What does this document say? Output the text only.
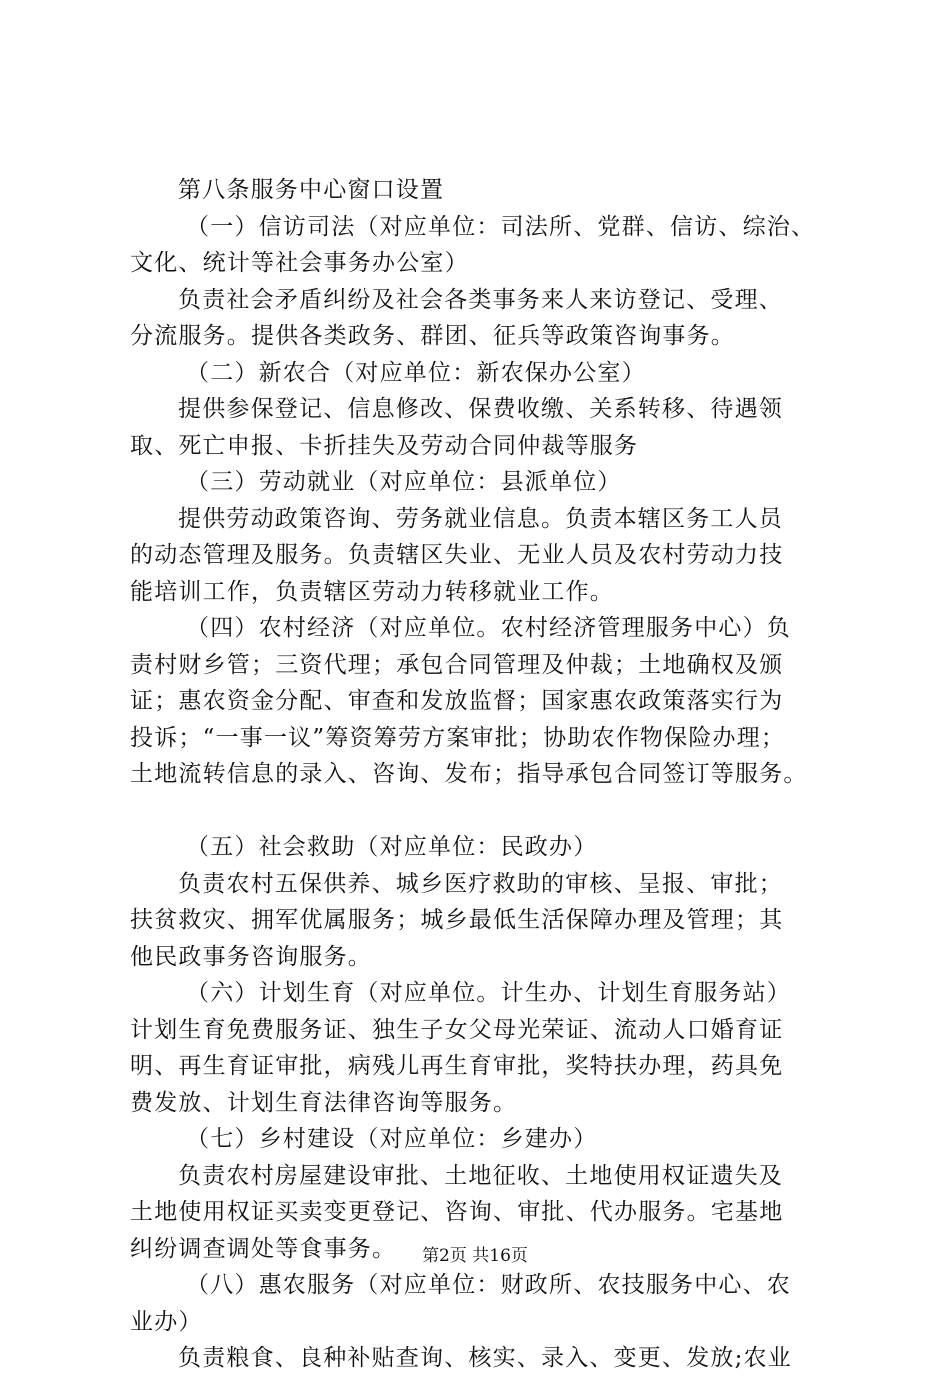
第八条服务中心窗口设置
（一）信访司法（对应单位：司法所、党群、信访、综治、
文化、统计等社会事务办公室）
负责社会矛盾纠纷及社会各类事务来人来访登记、受理、
分流服务。提供各类政务、群团、征兵等政策咨询事务。
（二）新农合（对应单位：新农保办公室）
提供参保登记、信息修改、保费收缴、关系转移、待遇领
取、死亡申报、卡折挂失及劳动合同仲裁等服务
（三）劳动就业（对应单位：县派单位）
提供劳动政策咨询、劳务就业信息。负责本辖区务工人员
的动态管理及服务。负责辖区失业、无业人员及农村劳动力技
能培训工作，负责辖区劳动力转移就业工作。
（四）农村经济（对应单位。农村经济管理服务中心）负
责村财乡管；三资代理；承包合同管理及仲裁；土地确权及颁
证；惠农资金分配、审查和发放监督；国家惠农政策落实行为
投诉；“一事一议”筹资筹劳方案审批；协助农作物保险办理；
土地流转信息的录入、咨询、发布；指导承包合同签订等服务。
（五）社会救助（对应单位：民政办）
负责农村五保供养、城乡医疗救助的审核、呈报、审批；
扶贫救灾、拥军优属服务；城乡最低生活保障办理及管理；其
他民政事务咨询服务。
（六）计划生育（对应单位。计生办、计划生育服务站）
计划生育免费服务证、独生子女父母光荣证、流动人口婚育证
明、再生育证审批，病残儿再生育审批，奖特扶办理，药具免
费发放、计划生育法律咨询等服务。
（七）乡村建设（对应单位：乡建办）
负责农村房屋建设审批、土地征收、土地使用权证遗失及
土地使用权证买卖变更登记、咨询、审批、代办服务。宅基地
纠纷调查调处等食事务。
（八）惠农服务（对应单位：财政所、农技服务中心、农
业办）
负责粮食、良种补贴查询、核实、录入、变更、发放;农业
第2页 共16页
